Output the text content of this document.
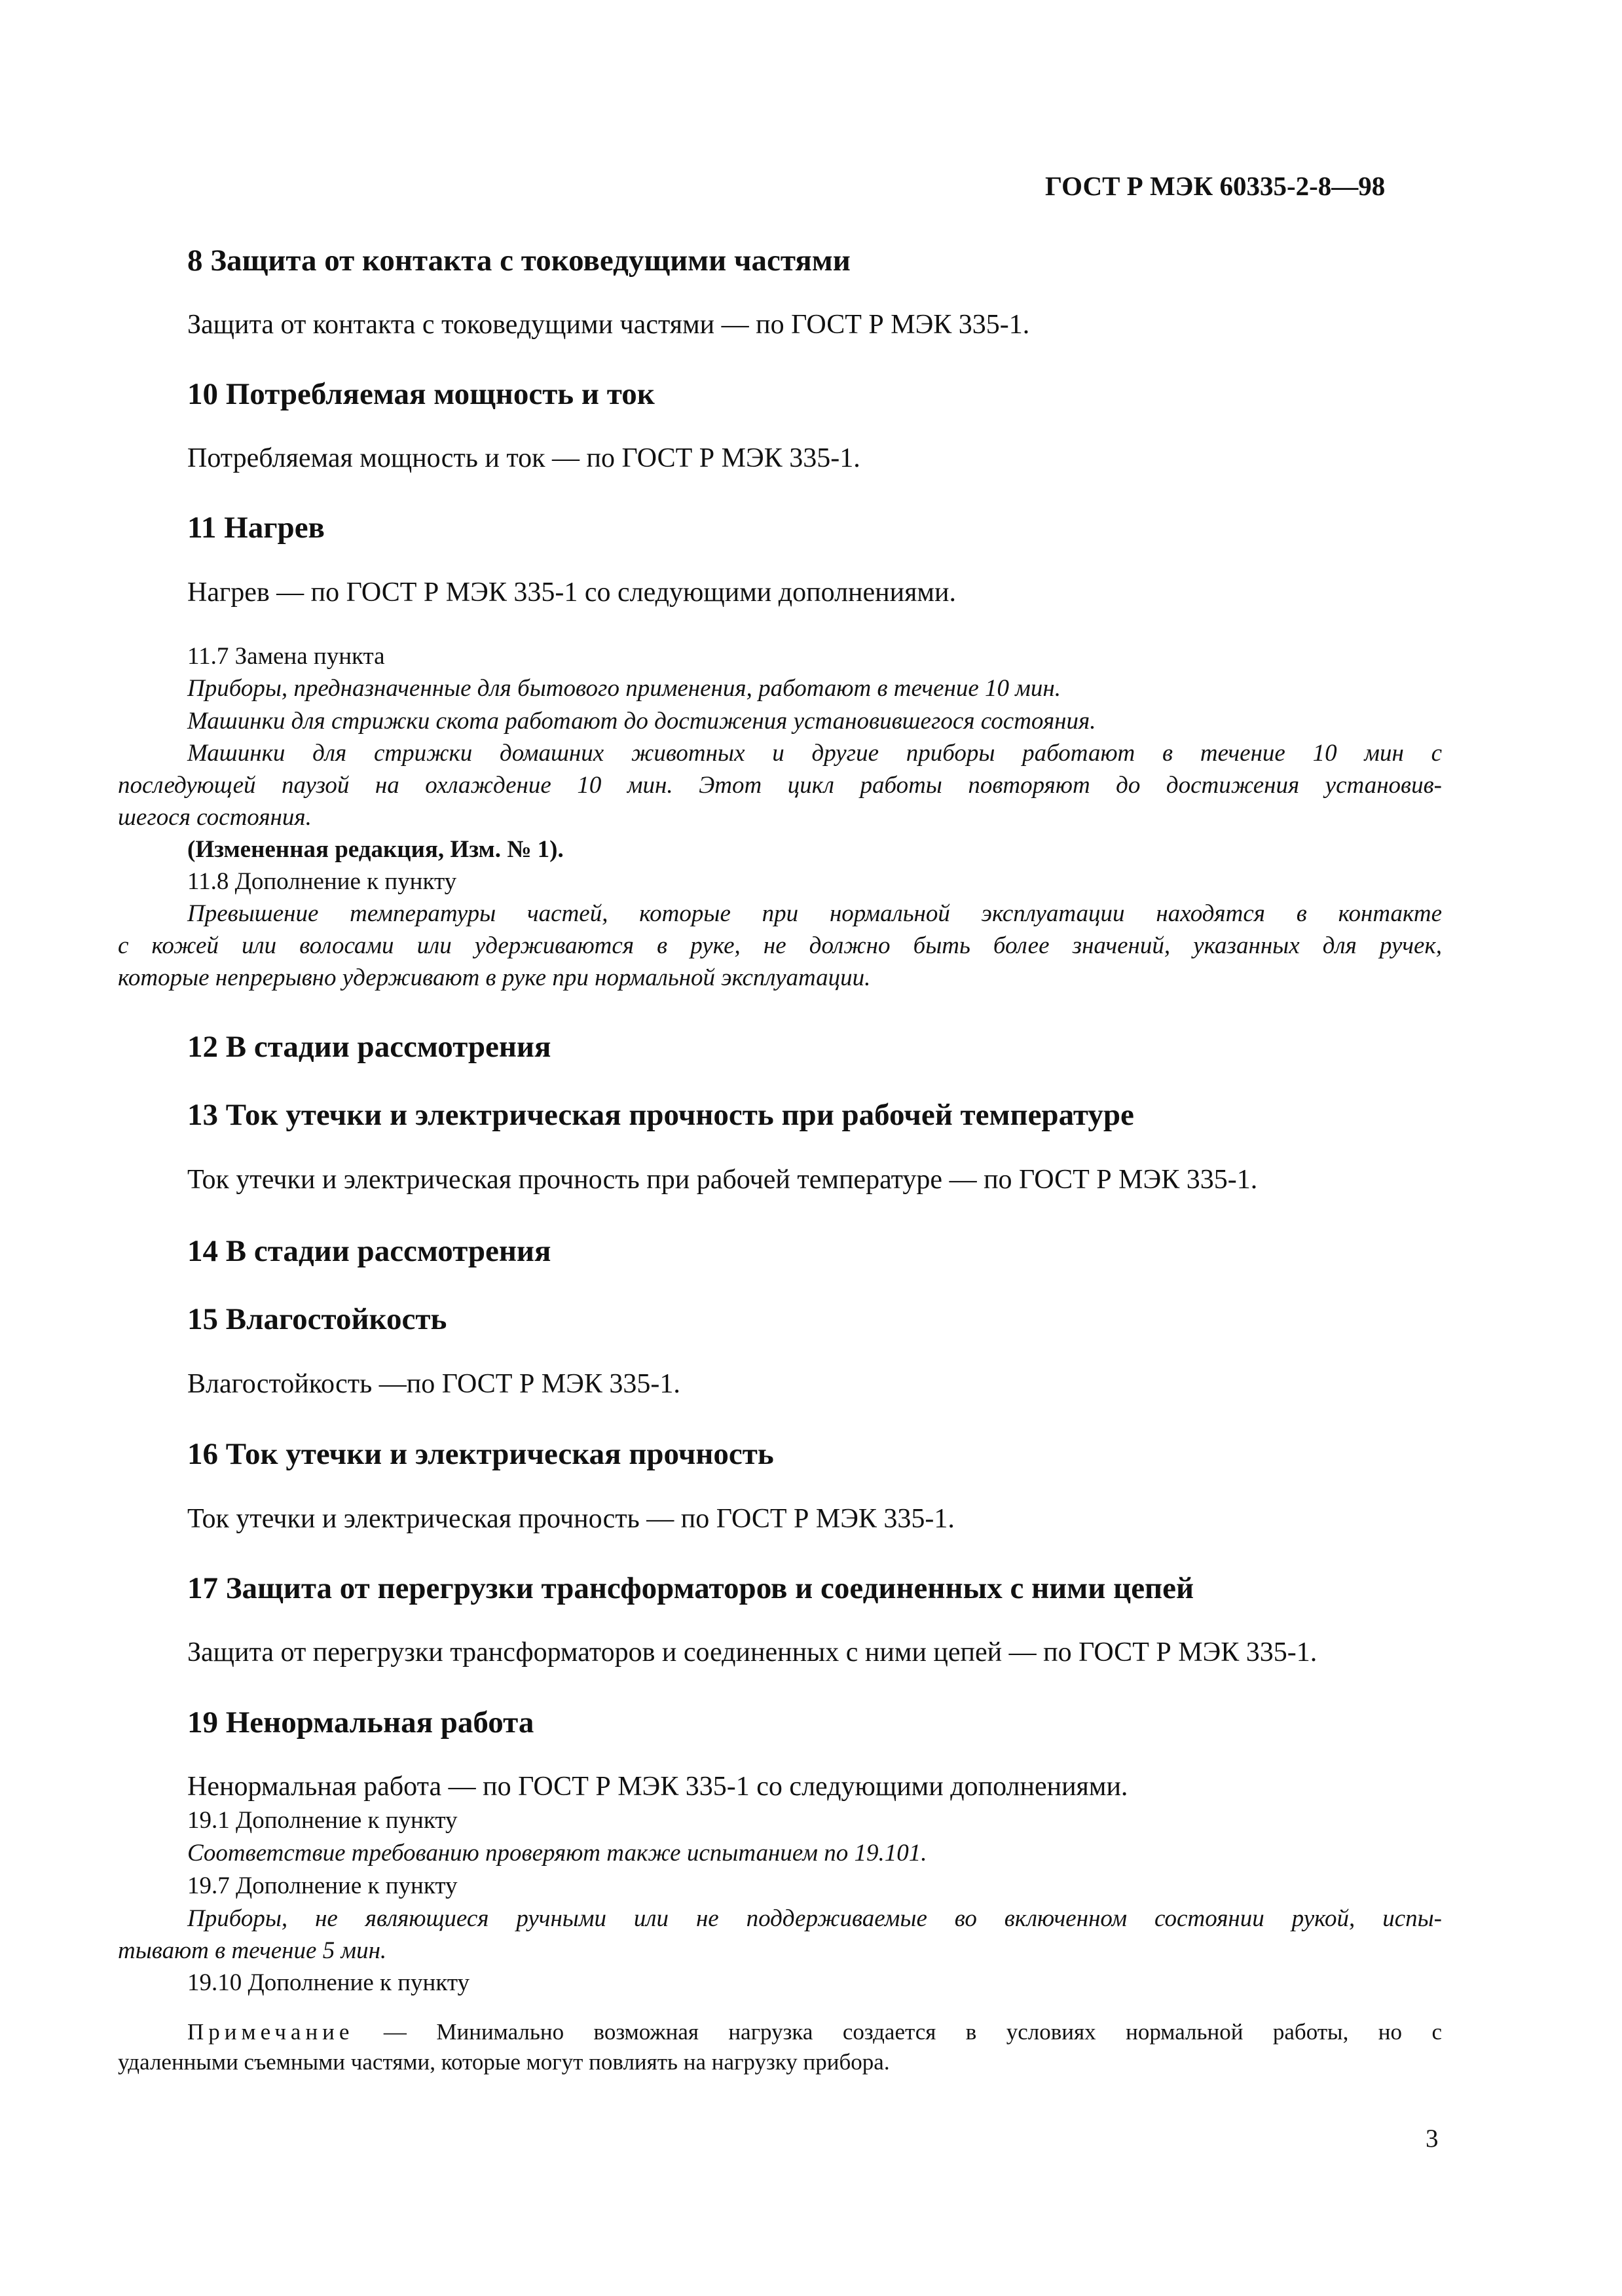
ГОСТ Р МЭК 60335-2-8—98
8 Защита от контакта с токоведущими частями
Защита от контакта с токоведущими частями — по ГОСТ Р МЭК 335-1.
10 Потребляемая мощность и ток
Потребляемая мощность и ток — по ГОСТ Р МЭК 335-1.
11 Нагрев
Нагрев — по ГОСТ Р МЭК 335-1 со следующими дополнениями.
11.7 Замена пункта
Приборы, предназначенные для бытового применения, работают в течение 10 мин.
Машинки для стрижки скота работают до достижения установившегося состояния.
Машинки для стрижки домашних животных и другие приборы работают в течение 10 мин с
последующей паузой на охлаждение 10 мин. Этот цикл работы повторяют до достижения установив-
шегося состояния.
(Измененная редакция, Изм. № 1).
11.8 Дополнение к пункту
Превышение температуры частей, которые при нормальной эксплуатации находятся в контакте
с кожей или волосами или удерживаются в руке, не должно быть более значений, указанных для ручек,
которые непрерывно удерживают в руке при нормальной эксплуатации.
12 В стадии рассмотрения
13 Ток утечки и электрическая прочность при рабочей температуре
Ток утечки и электрическая прочность при рабочей температуре — по ГОСТ Р МЭК 335-1.
14 В стадии рассмотрения
15 Влагостойкость
Влагостойкость —по ГОСТ Р МЭК 335-1.
16 Ток утечки и электрическая прочность
Ток утечки и электрическая прочность — по ГОСТ Р МЭК 335-1.
17 Защита от перегрузки трансформаторов и соединенных с ними цепей
Защита от перегрузки трансформаторов и соединенных с ними цепей — по ГОСТ Р МЭК 335-1.
19 Ненормальная работа
Ненормальная работа — по ГОСТ Р МЭК 335-1 со следующими дополнениями.
19.1 Дополнение к пункту
Соответствие требованию проверяют также испытанием по 19.101.
19.7 Дополнение к пункту
Приборы, не являющиеся ручными или не поддерживаемые во включенном состоянии рукой, испы-
тывают в течение 5 мин.
19.10 Дополнение к пункту
Примечание — Минимально возможная нагрузка создается в условиях нормальной работы, но с
удаленными съемными частями, которые могут повлиять на нагрузку прибора.
3
